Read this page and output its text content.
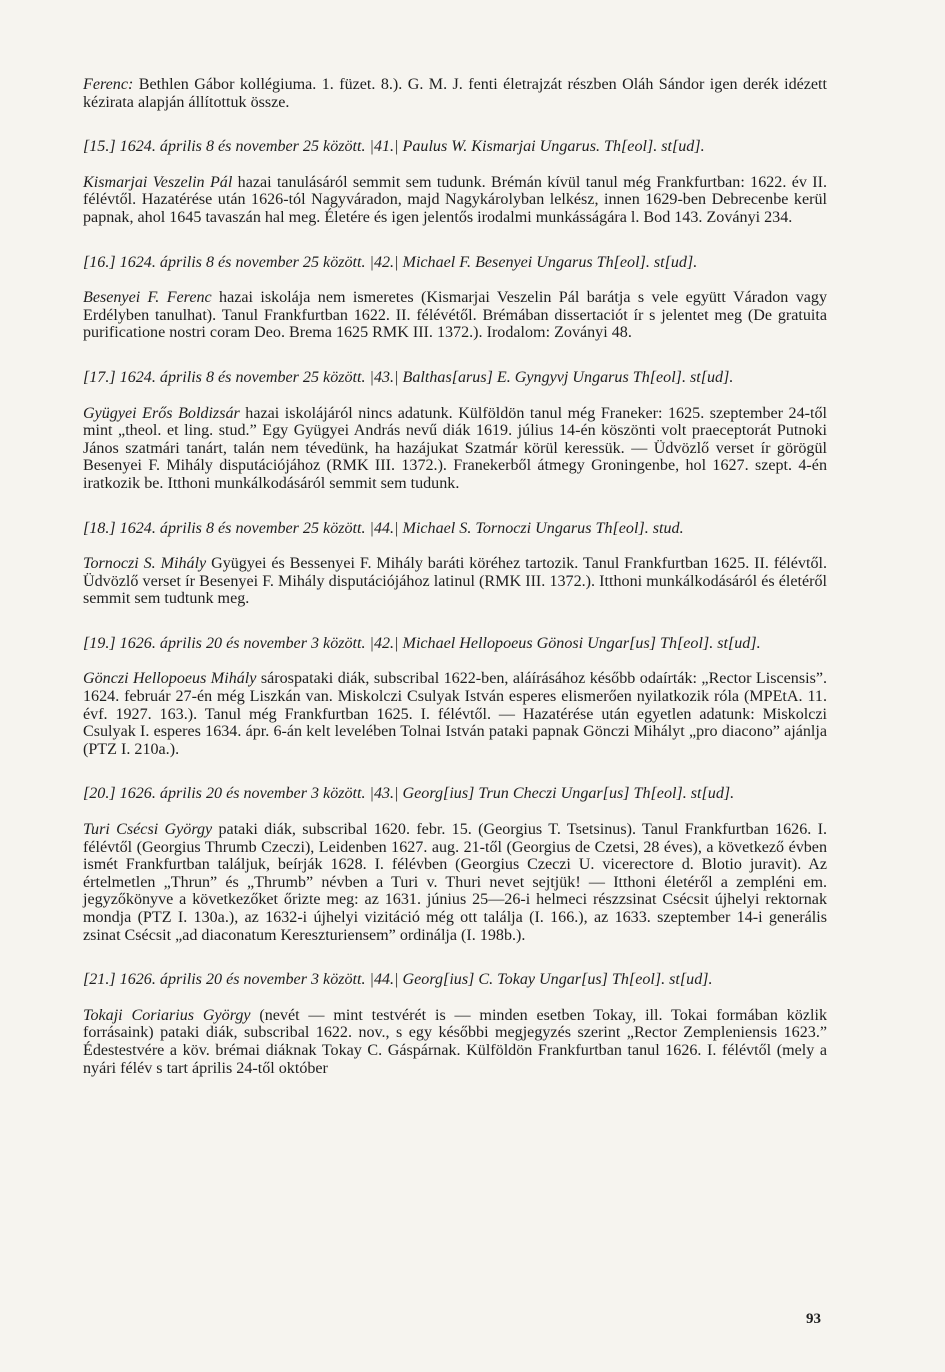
Ferenc: Bethlen Gábor kollégiuma. 1. füzet. 8.). G. M. J. fenti életrajzát részben Oláh Sándor igen derék idézett kézirata alapján állítottuk össze.

[15.] 1624. április 8 és november 25 között. |41.| Paulus W. Kismarjai Ungarus. Th[eol]. st[ud].

Kismarjai Veszelin Pál hazai tanulásáról semmit sem tudunk. Brémán kívül tanul még Frankfurtban: 1622. év II. félévtől. Hazatérése után 1626-tól Nagyváradon, majd Nagykárolyban lelkész, innen 1629-ben Debrecenbe kerül papnak, ahol 1645 tavaszán hal meg. Életére és igen jelentős irodalmi munkásságára l. Bod 143. Zoványi 234.

[16.] 1624. április 8 és november 25 között. |42.| Michael F. Besenyei Ungarus Th[eol]. st[ud].

Besenyei F. Ferenc hazai iskolája nem ismeretes (Kismarjai Veszelin Pál barátja s vele együtt Váradon vagy Erdélyben tanulhat). Tanul Frankfurtban 1622. II. félévétől. Brémában dissertaciót ír s jelentet meg (De gratuita purificatione nostri coram Deo. Brema 1625 RMK III. 1372.). Irodalom: Zoványi 48.

[17.] 1624. április 8 és november 25 között. |43.| Balthas[arus] E. Gyngyvj Ungarus Th[eol]. st[ud].

Gyügyei Erős Boldizsár hazai iskolájáról nincs adatunk. Külföldön tanul még Franeker: 1625. szeptember 24-től mint „theol. et ling. stud.” Egy Gyügyei András nevű diák 1619. július 14-én köszönti volt praeceptorát Putnoki János szatmári tanárt, talán nem tévedünk, ha hazájukat Szatmár körül keressük. — Üdvözlő verset ír görögül Besenyei F. Mihály disputációjához (RMK III. 1372.). Franekerből átmegy Groningenbe, hol 1627. szept. 4-én iratkozik be. Itthoni munkálkodásáról semmit sem tudunk.

[18.] 1624. április 8 és november 25 között. |44.| Michael S. Tornoczi Ungarus Th[eol]. stud.

Tornoczi S. Mihály Gyügyei és Bessenyei F. Mihály baráti köréhez tartozik. Tanul Frankfurtban 1625. II. félévtől. Üdvözlő verset ír Besenyei F. Mihály disputációjához latinul (RMK III. 1372.). Itthoni munkálkodásáról és életéről semmit sem tudtunk meg.

[19.] 1626. április 20 és november 3 között. |42.| Michael Hellopoeus Gönosi Ungar[us] Th[eol]. st[ud].

Gönczi Hellopoeus Mihály sárospataki diák, subscribal 1622-ben, aláírásához később odaírták: „Rector Liscensis”. 1624. február 27-én még Liszkán van. Miskolczi Csulyak István esperes elismerően nyilatkozik róla (MPEtA. 11. évf. 1927. 163.). Tanul még Frankfurtban 1625. I. félévtől. — Hazatérése után egyetlen adatunk: Miskolczi Csulyak I. esperes 1634. ápr. 6-án kelt levelében Tolnai István pataki papnak Gönczi Mihályt „pro diacono” ajánlja (PTZ I. 210a.).

[20.] 1626. április 20 és november 3 között. |43.| Georg[ius] Trun Checzi Ungar[us] Th[eol]. st[ud].

Turi Csécsi György pataki diák, subscribal 1620. febr. 15. (Georgius T. Tsetsinus). Tanul Frankfurtban 1626. I. félévtől (Georgius Thrumb Czeczi), Leidenben 1627. aug. 21-től (Georgius de Czetsi, 28 éves), a következő évben ismét Frankfurtban találjuk, beírják 1628. I. félévben (Georgius Czeczi U. vicerectore d. Blotio juravit). Az értelmetlen „Thrun” és „Thrumb” névben a Turi v. Thuri nevet sejtjük! — Itthoni életéről a zempléni em. jegyzőkönyve a következőket őrizte meg: az 1631. június 25—26-i helmeci részzsinat Csécsit újhelyi rektornak mondja (PTZ I. 130a.), az 1632-i újhelyi vizitáció még ott találja (I. 166.), az 1633. szeptember 14-i generális zsinat Csécsit „ad diaconatum Kereszturiensem” ordinálja (I. 198b.).

[21.] 1626. április 20 és november 3 között. |44.| Georg[ius] C. Tokay Ungar[us] Th[eol]. st[ud].

Tokaji Coriarius György (nevét — mint testvérét is — minden esetben Tokay, ill. Tokai formában közlik forrásaink) pataki diák, subscribal 1622. nov., s egy későbbi megjegyzés szerint „Rector Zempleniensis 1623.” Édestestvére a köv. brémai diáknak Tokay C. Gáspárnak. Külföldön Frankfurtban tanul 1626. I. félévtől (mely a nyári félév s tart április 24-től október

93
